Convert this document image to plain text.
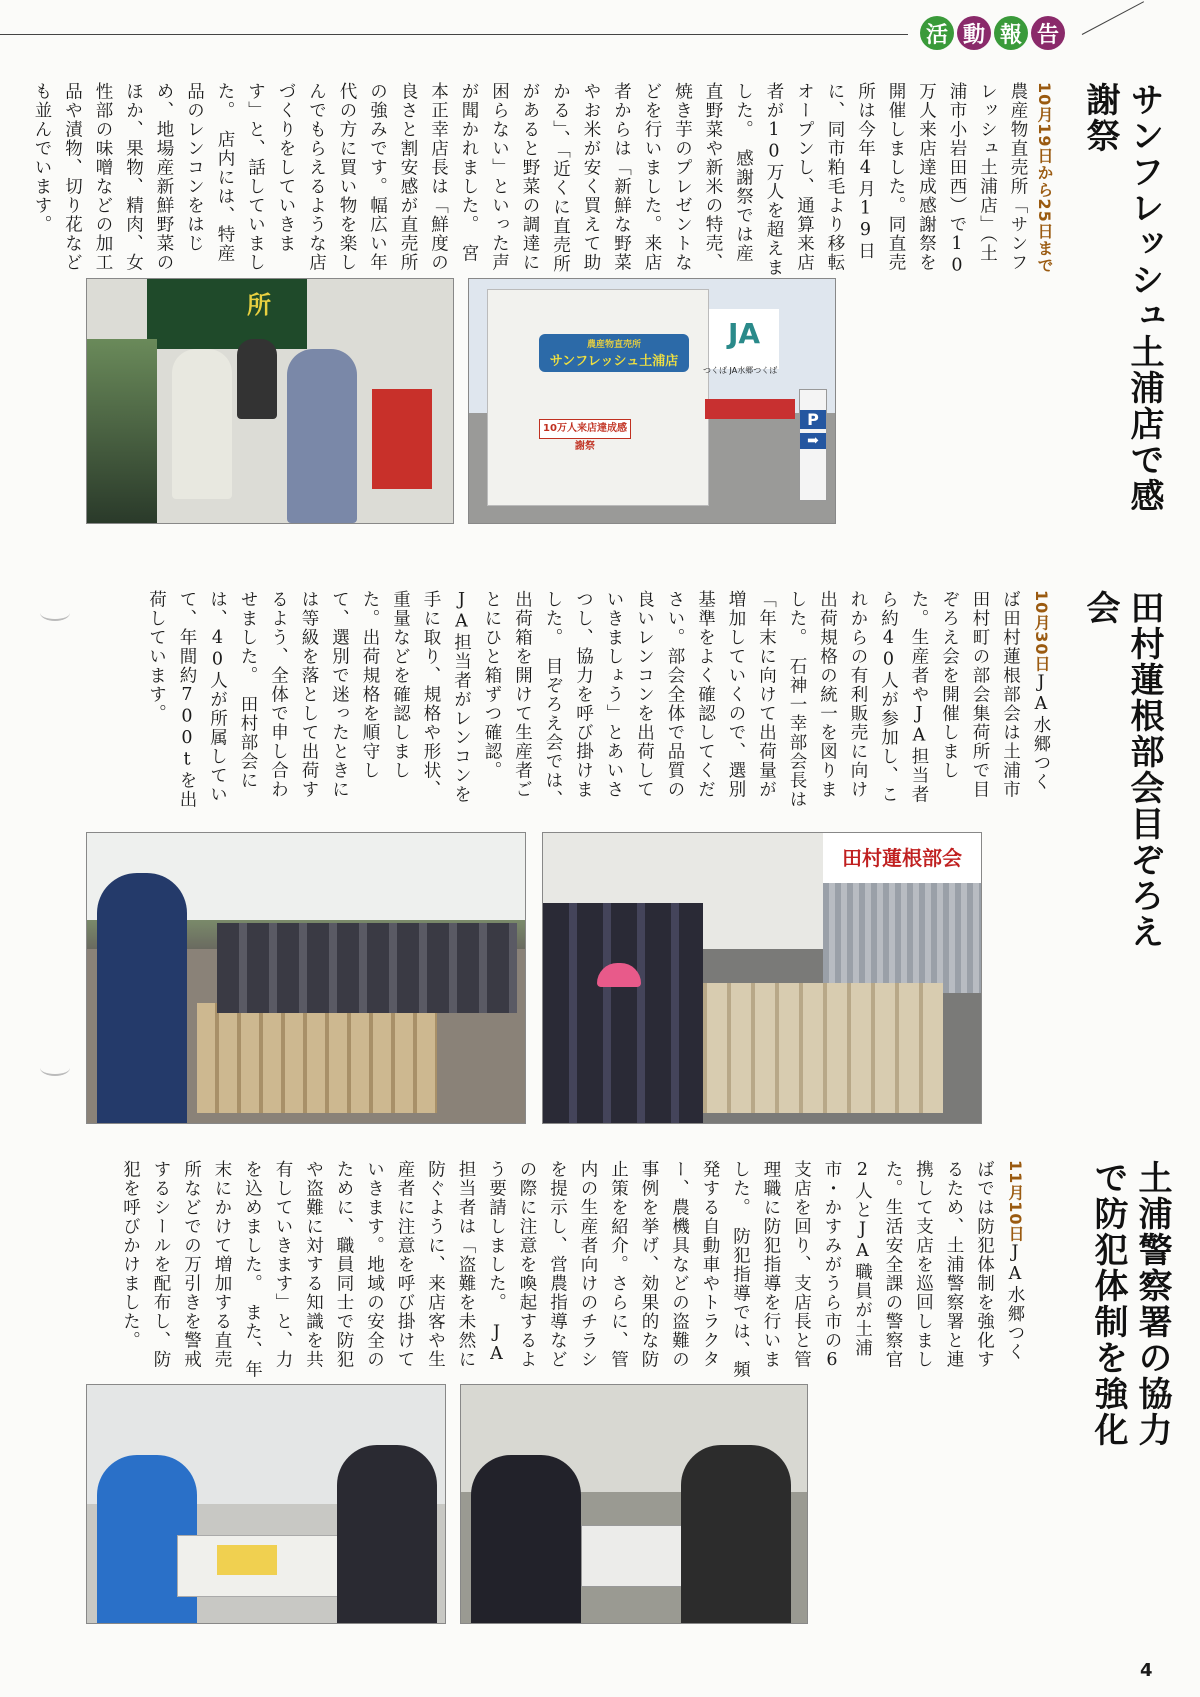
活 動 報 告
サンフレッシュ土浦店で感謝祭
10月19日から25日まで農産物直売所「サンフレッシュ土浦店」（土浦市小岩田西）で10万人来店達成感謝祭を開催しました。同直売所は今年4月19日に、同市粕毛より移転オープンし、通算来店者が10万人を超えました。　感謝祭では産直野菜や新米の特売、焼き芋のプレゼントなどを行いました。来店者からは「新鮮な野菜やお米が安く買えて助かる」、「近くに直売所があると野菜の調達に困らない」といった声が聞かれました。　宮本正幸店長は「鮮度の良さと割安感が直売所の強みです。幅広い年代の方に買い物を楽しんでもらえるような店づくりをしていきます」と、話していました。　店内には、特産品のレンコンをはじめ、地場産新鮮野菜のほか、果物、精肉、女性部の味噌などの加工品や漬物、切り花なども並んでいます。
所
農産物直売所
サンフレッシュ土浦店
10万人来店達成感謝祭
JA
つくば JA水郷つくば
P
➡
田村蓮根部会目ぞろえ会
10月30日JA水郷つくば田村蓮根部会は土浦市田村町の部会集荷所で目ぞろえ会を開催しました。生産者やJA担当者ら約40人が参加し、これからの有利販売に向け出荷規格の統一を図りました。　石神一幸部会長は「年末に向けて出荷量が増加していくので、選別基準をよく確認してください。部会全体で品質の良いレンコンを出荷していきましょう」とあいさつし、協力を呼び掛けました。　目ぞろえ会では、出荷箱を開けて生産者ごとにひと箱ずつ確認。JA担当者がレンコンを手に取り、規格や形状、重量などを確認しました。出荷規格を順守して、選別で迷ったときには等級を落として出荷するよう、全体で申し合わせました。　田村部会には、40人が所属していて、年間約700tを出荷しています。
田村蓮根部会
土浦警察署の協力で防犯体制を強化
11月10日JA水郷つくばでは防犯体制を強化するため、土浦警察署と連携して支店を巡回しました。生活安全課の警察官2人とJA職員が土浦市・かすみがうら市の6支店を回り、支店長と管理職に防犯指導を行いました。　防犯指導では、頻発する自動車やトラクター、農機具などの盗難の事例を挙げ、効果的な防止策を紹介。さらに、管内の生産者向けのチラシを提示し、営農指導などの際に注意を喚起するよう要請しました。　JA担当者は「盗難を未然に防ぐように、来店客や生産者に注意を呼び掛けていきます。地域の安全のために、職員同士で防犯や盗難に対する知識を共有していきます」と、力を込めました。　また、年末にかけて増加する直売所などでの万引きを警戒するシールを配布し、防犯を呼びかけました。
4
